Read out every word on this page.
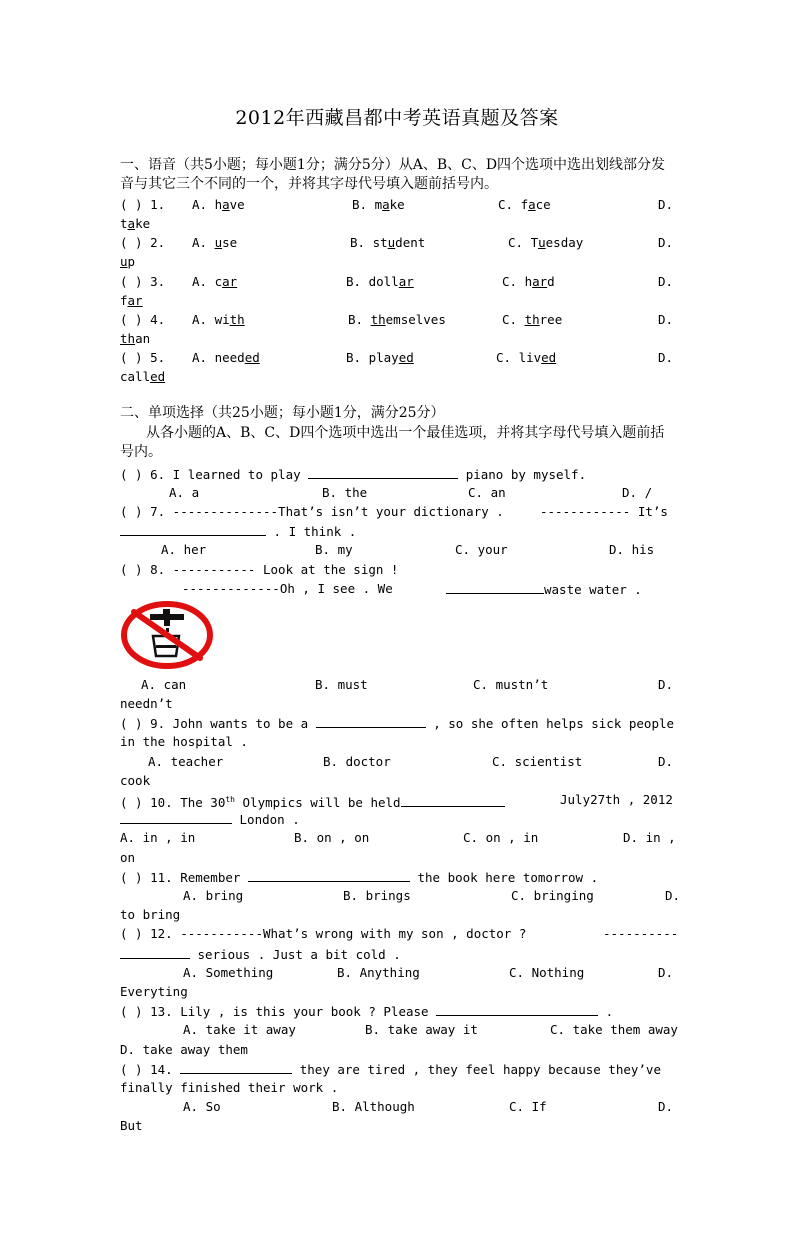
2012年西藏昌都中考英语真题及答案
一、语音（共5小题；每小题1分；满分5分）从A、B、C、D四个选项中选出划线部分发
音与其它三个不同的一个，并将其字母代号填入题前括号内。
( ) 1. A. have	B. make	C. face	D.
take
( ) 2. A. use	B. student	C. Tuesday	D.
up
( ) 3. A. car	B. dollar	C. hard	D.
far
( ) 4. A. with	B. themselves	C. three	D.
than
( ) 5. A. needed	B. played	C. lived	D.
called
二、单项选择（共25小题；每小题1分，满分25分）
从各小题的A、B、C、D四个选项中选出一个最佳选项，并将其字母代号填入题前括
号内。
( ) 6. I learned to play	piano by myself.
A. a	B. the	C. an	D. /
( ) 7. --------------That’s isn’t your dictionary .	------------ It’s
. I think .
A. her	B. my	C. your	D. his
( ) 8. ----------- Look at the sign !
-------------Oh , I see . We	waste water .
A. can	B. must	C. mustn’t	D.
needn’t
( ) 9. John wants to be a	, so she often helps sick people
in the hospital .
A. teacher	B. doctor	C. scientist	D.
cook
( ) 10. The 30th Olympics will be held	July27th , 2012
London .
A. in , in	B. on , on	C. on , in	D. in ,
on
( ) 11. Remember	the book here tomorrow .
A. bring	B. brings	C. bringing	D.
to bring
( ) 12. -----------What’s wrong with my son , doctor ?	----------
serious . Just a bit cold .
A. Something	B. Anything	C. Nothing	D.
Everyting
( ) 13. Lily , is this your book ? Please	.
A. take it away	B. take away it	C. take them away
D. take away them
( ) 14.	they are tired , they feel happy because they’ve
finally finished their work .
A. So	B. Although	C. If	D.
But
